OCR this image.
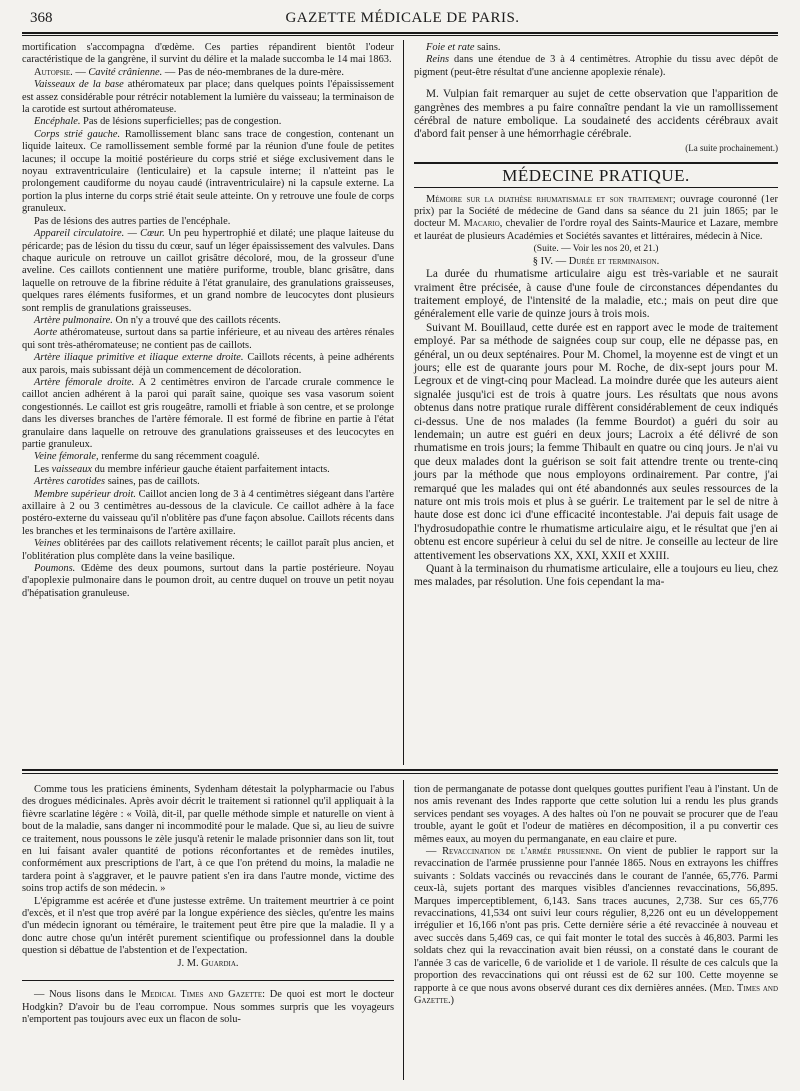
368	GAZETTE MÉDICALE DE PARIS.

mortification s'accompagna d'œdème. Ces parties répandirent bientôt l'odeur caractéristique de la gangrène, il survint du délire et la malade succomba le 14 mai 1863.

Autopsie. — Cavité crânienne. — Pas de néo-membranes de la dure-mère.

Vaisseaux de la base athéromateux par place; dans quelques points l'épaississement est assez considérable pour rétrécir notablement la lumière du vaisseau; la terminaison de la carotide est surtout athéromateuse.

Encéphale. Pas de lésions superficielles; pas de congestion.

Corps strié gauche. Ramollissement blanc sans trace de congestion, contenant un liquide laiteux. Ce ramollissement semble formé par la réunion d'une foule de petites lacunes; il occupe la moitié postérieure du corps strié et siége exclusivement dans le noyau extraventriculaire (lenticulaire) et la capsule interne; il n'atteint pas le prolongement caudiforme du noyau caudé (intraventriculaire) ni la capsule externe. La portion la plus interne du corps strié était seule atteinte. On y retrouve une foule de corps granuleux.

Pas de lésions des autres parties de l'encéphale.

Appareil circulatoire. — Cœur. Un peu hypertrophié et dilaté; une plaque laiteuse du péricarde; pas de lésion du tissu du cœur, sauf un léger épaississement des valvules. Dans chaque auricule on retrouve un caillot grisâtre décoloré, mou, de la grosseur d'une aveline. Ces caillots contiennent une matière puriforme, trouble, blanc grisâtre, dans laquelle on retrouve de la fibrine réduite à l'état granulaire, des granulations graisseuses, quelques rares éléments fusiformes, et un grand nombre de leucocytes dont plusieurs sont remplis de granulations graisseuses.

Artère pulmonaire. On n'y a trouvé que des caillots récents.

Aorte athéromateuse, surtout dans sa partie inférieure, et au niveau des artères rénales qui sont très-athéromateuse; ne contient pas de caillots.

Artère iliaque primitive et iliaque externe droite. Caillots récents, à peine adhérents aux parois, mais subissant déjà un commencement de décoloration.

Artère fémorale droite. A 2 centimètres environ de l'arcade crurale commence le caillot ancien adhérent à la paroi qui paraît saine, quoique ses vasa vasorum soient congestionnés. Le caillot est gris rougeâtre, ramolli et friable à son centre, et se prolonge dans les diverses branches de l'artère fémorale. Il est formé de fibrine en partie à l'état granulaire dans laquelle on retrouve des granulations graisseuses et des leucocytes en partie granuleux.

Veine fémorale, renferme du sang récemment coagulé.

Les vaisseaux du membre inférieur gauche étaient parfaitement intacts.

Artères carotides saines, pas de caillots.

Membre supérieur droit. Caillot ancien long de 3 à 4 centimètres siégeant dans l'artère axillaire à 2 ou 3 centimètres au-dessous de la clavicule. Ce caillot adhère à la face postéro-externe du vaisseau qu'il n'oblitère pas d'une façon absolue. Caillots récents dans les branches et les terminaisons de l'artère axillaire.

Veines oblitérées par des caillots relativement récents; le caillot paraît plus ancien, et l'oblitération plus complète dans la veine basilique.

Poumons. Œdème des deux poumons, surtout dans la partie postérieure. Noyau d'apoplexie pulmonaire dans le poumon droit, au centre duquel on trouve un petit noyau d'hépatisation granuleuse.

Foie et rate sains.

Reins dans une étendue de 3 à 4 centimètres. Atrophie du tissu avec dépôt de pigment (peut-être résultat d'une ancienne apoplexie rénale).

M. Vulpian fait remarquer au sujet de cette observation que l'apparition de gangrènes des membres a pu faire connaître pendant la vie un ramollissement cérébral de nature embolique. La soudaineté des accidents cérébraux avait d'abord fait penser à une hémorrhagie cérébrale.

(La suite prochainement.)

MÉDECINE PRATIQUE.

Mémoire sur la diathèse rhumatismale et son traitement; ouvrage couronné (1er prix) par la Société de médecine de Gand dans sa séance du 21 juin 1865; par le docteur M. Macario, chevalier de l'ordre royal des Saints-Maurice et Lazare, membre et lauréat de plusieurs Académies et Sociétés savantes et littéraires, médecin à Nice.

(Suite. — Voir les nos 20, et 21.)

§ IV. — Durée et terminaison.

La durée du rhumatisme articulaire aigu est très-variable et ne saurait vraiment être précisée, à cause d'une foule de circonstances dépendantes du traitement employé, de l'intensité de la maladie, etc.; mais on peut dire que généralement elle varie de quinze jours à trois mois.

Suivant M. Bouillaud, cette durée est en rapport avec le mode de traitement employé. Par sa méthode de saignées coup sur coup, elle ne dépasse pas, en général, un ou deux septénaires. Pour M. Chomel, la moyenne est de vingt et un jours; elle est de quarante jours pour M. Roche, de dix-sept jours pour M. Legroux et de vingt-cinq pour Maclead. La moindre durée que les auteurs aient signalée jusqu'ici est de trois à quatre jours. Les résultats que nous avons obtenus dans notre pratique rurale diffèrent considérablement de ceux indiqués ci-dessus. Une de nos malades (la femme Bourdot) a guéri du soir au lendemain; un autre est guéri en deux jours; Lacroix a été délivré de son rhumatisme en trois jours; la femme Thibault en quatre ou cinq jours. Je n'ai vu que deux malades dont la guérison se soit fait attendre trente ou trente-cinq jours par la méthode que nous employons ordinairement. Par contre, j'ai remarqué que les malades qui ont été abandonnés aux seules ressources de la nature ont mis trois mois et plus à se guérir. Le traitement par le sel de nitre à haute dose est donc ici d'une efficacité incontestable. J'ai depuis fait usage de l'hydrosudopathie contre le rhumatisme articulaire aigu, et le résultat que j'en ai obtenu est encore supérieur à celui du sel de nitre. Je conseille au lecteur de lire attentivement les observations XX, XXI, XXII et XXIII.

Quant à la terminaison du rhumatisme articulaire, elle a toujours eu lieu, chez mes malades, par résolution. Une fois cependant la ma-

Comme tous les praticiens éminents, Sydenham détestait la polypharmacie ou l'abus des drogues médicinales. Après avoir décrit le traitement si rationnel qu'il appliquait à la fièvre scarlatine légère : « Voilà, dit-il, par quelle méthode simple et naturelle on vient à bout de la maladie, sans danger ni incommodité pour le malade. Que si, au lieu de suivre ce traitement, nous poussons le zèle jusqu'à retenir le malade prisonnier dans son lit, tout en lui faisant avaler quantité de potions réconfortantes et de remèdes inutiles, conformément aux prescriptions de l'art, à ce que l'on prétend du moins, la maladie ne tardera point à s'aggraver, et le pauvre patient s'en ira dans l'autre monde, victime des soins trop actifs de son médecin. »

L'épigramme est acérée et d'une justesse extrême. Un traitement meurtrier à ce point d'excès, et il n'est que trop avéré par la longue expérience des siècles, qu'entre les mains d'un médecin ignorant ou téméraire, le traitement peut être pire que la maladie. Il y a donc autre chose qu'un intérêt purement scientifique ou professionnel dans la double question si débattue de l'abstention et de l'expectation.

J. M. Guardia.

— Nous lisons dans le Medical Times and Gazette: De quoi est mort le docteur Hodgkin? D'avoir bu de l'eau corrompue. Nous sommes surpris que les voyageurs n'emportent pas toujours avec eux un flacon de solu-

tion de permanganate de potasse dont quelques gouttes purifient l'eau à l'instant. Un de nos amis revenant des Indes rapporte que cette solution lui a rendu les plus grands services pendant ses voyages. A des haltes où l'on ne pouvait se procurer que de l'eau trouble, ayant le goût et l'odeur de matières en décomposition, il a pu convertir ces mêmes eaux, au moyen du permanganate, en eau claire et pure.

— Revaccination de l'armée prussienne. On vient de publier le rapport sur la revaccination de l'armée prussienne pour l'année 1865. Nous en extrayons les chiffres suivants : Soldats vaccinés ou revaccinés dans le courant de l'année, 65,776. Parmi ceux-là, sujets portant des marques visibles d'anciennes revaccinations, 56,895. Marques imperceptiblement, 6,143. Sans traces aucunes, 2,738. Sur ces 65,776 revaccinations, 41,534 ont suivi leur cours régulier, 8,226 ont eu un développement irrégulier et 16,166 n'ont pas pris. Cette dernière série a été revaccinée à nouveau et avec succès dans 5,469 cas, ce qui fait monter le total des succès à 46,803. Parmi les soldats chez qui la revaccination avait bien réussi, on a constaté dans le courant de l'année 3 cas de varicelle, 6 de variolide et 1 de variole. Il résulte de ces calculs que la proportion des revaccinations qui ont réussi est de 62 sur 100. Cette moyenne se rapporte à ce que nous avons observé durant ces dix dernières années. (Med. Times and Gazette.)
